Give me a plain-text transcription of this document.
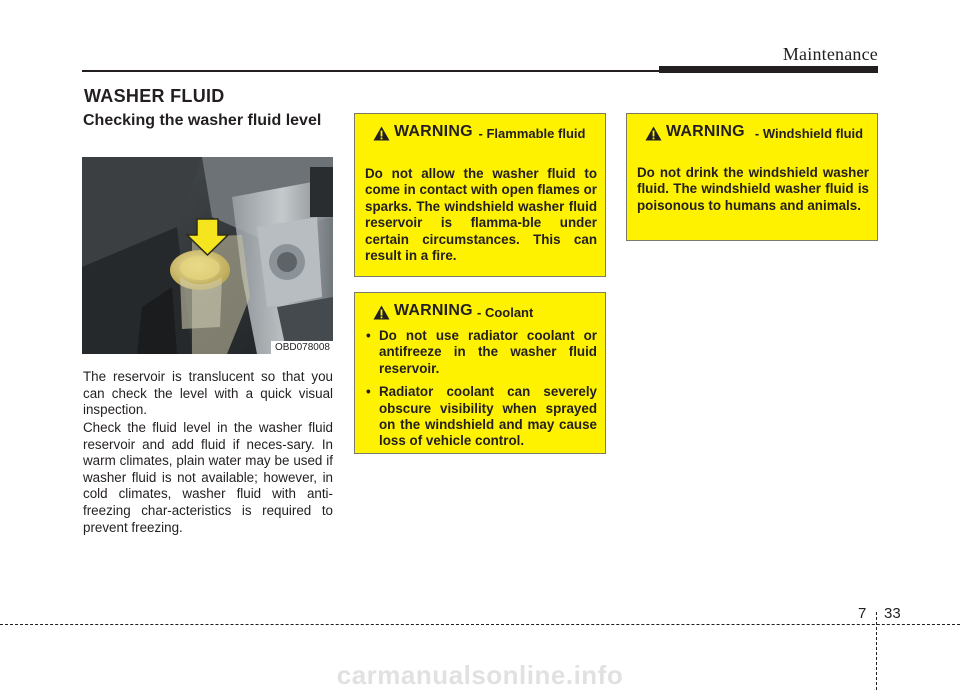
Maintenance
WASHER FLUID
Checking the washer fluid level
OBD078008
The reservoir is translucent so that you can check the level with a quick visual inspection.
Check the fluid level in the washer fluid reservoir and add fluid if neces-sary. In warm climates, plain water may be used if washer fluid is not available; however, in cold climates, washer fluid with anti-freezing char-acteristics is required to prevent freezing.
WARNING - Flammable fluid
Do not allow the washer fluid to come in contact with open flames or sparks. The windshield washer fluid reservoir is flamma-ble under certain circumstances. This can result in a fire.
WARNING - Coolant
• Do not use radiator coolant or antifreeze in the washer fluid reservoir.
• Radiator coolant can severely obscure visibility when sprayed on the windshield and may cause loss of vehicle control.
WARNING - Windshield fluid
Do not drink the windshield washer fluid. The windshield washer fluid is poisonous to humans and animals.
7 33
carmanualsonline.info
